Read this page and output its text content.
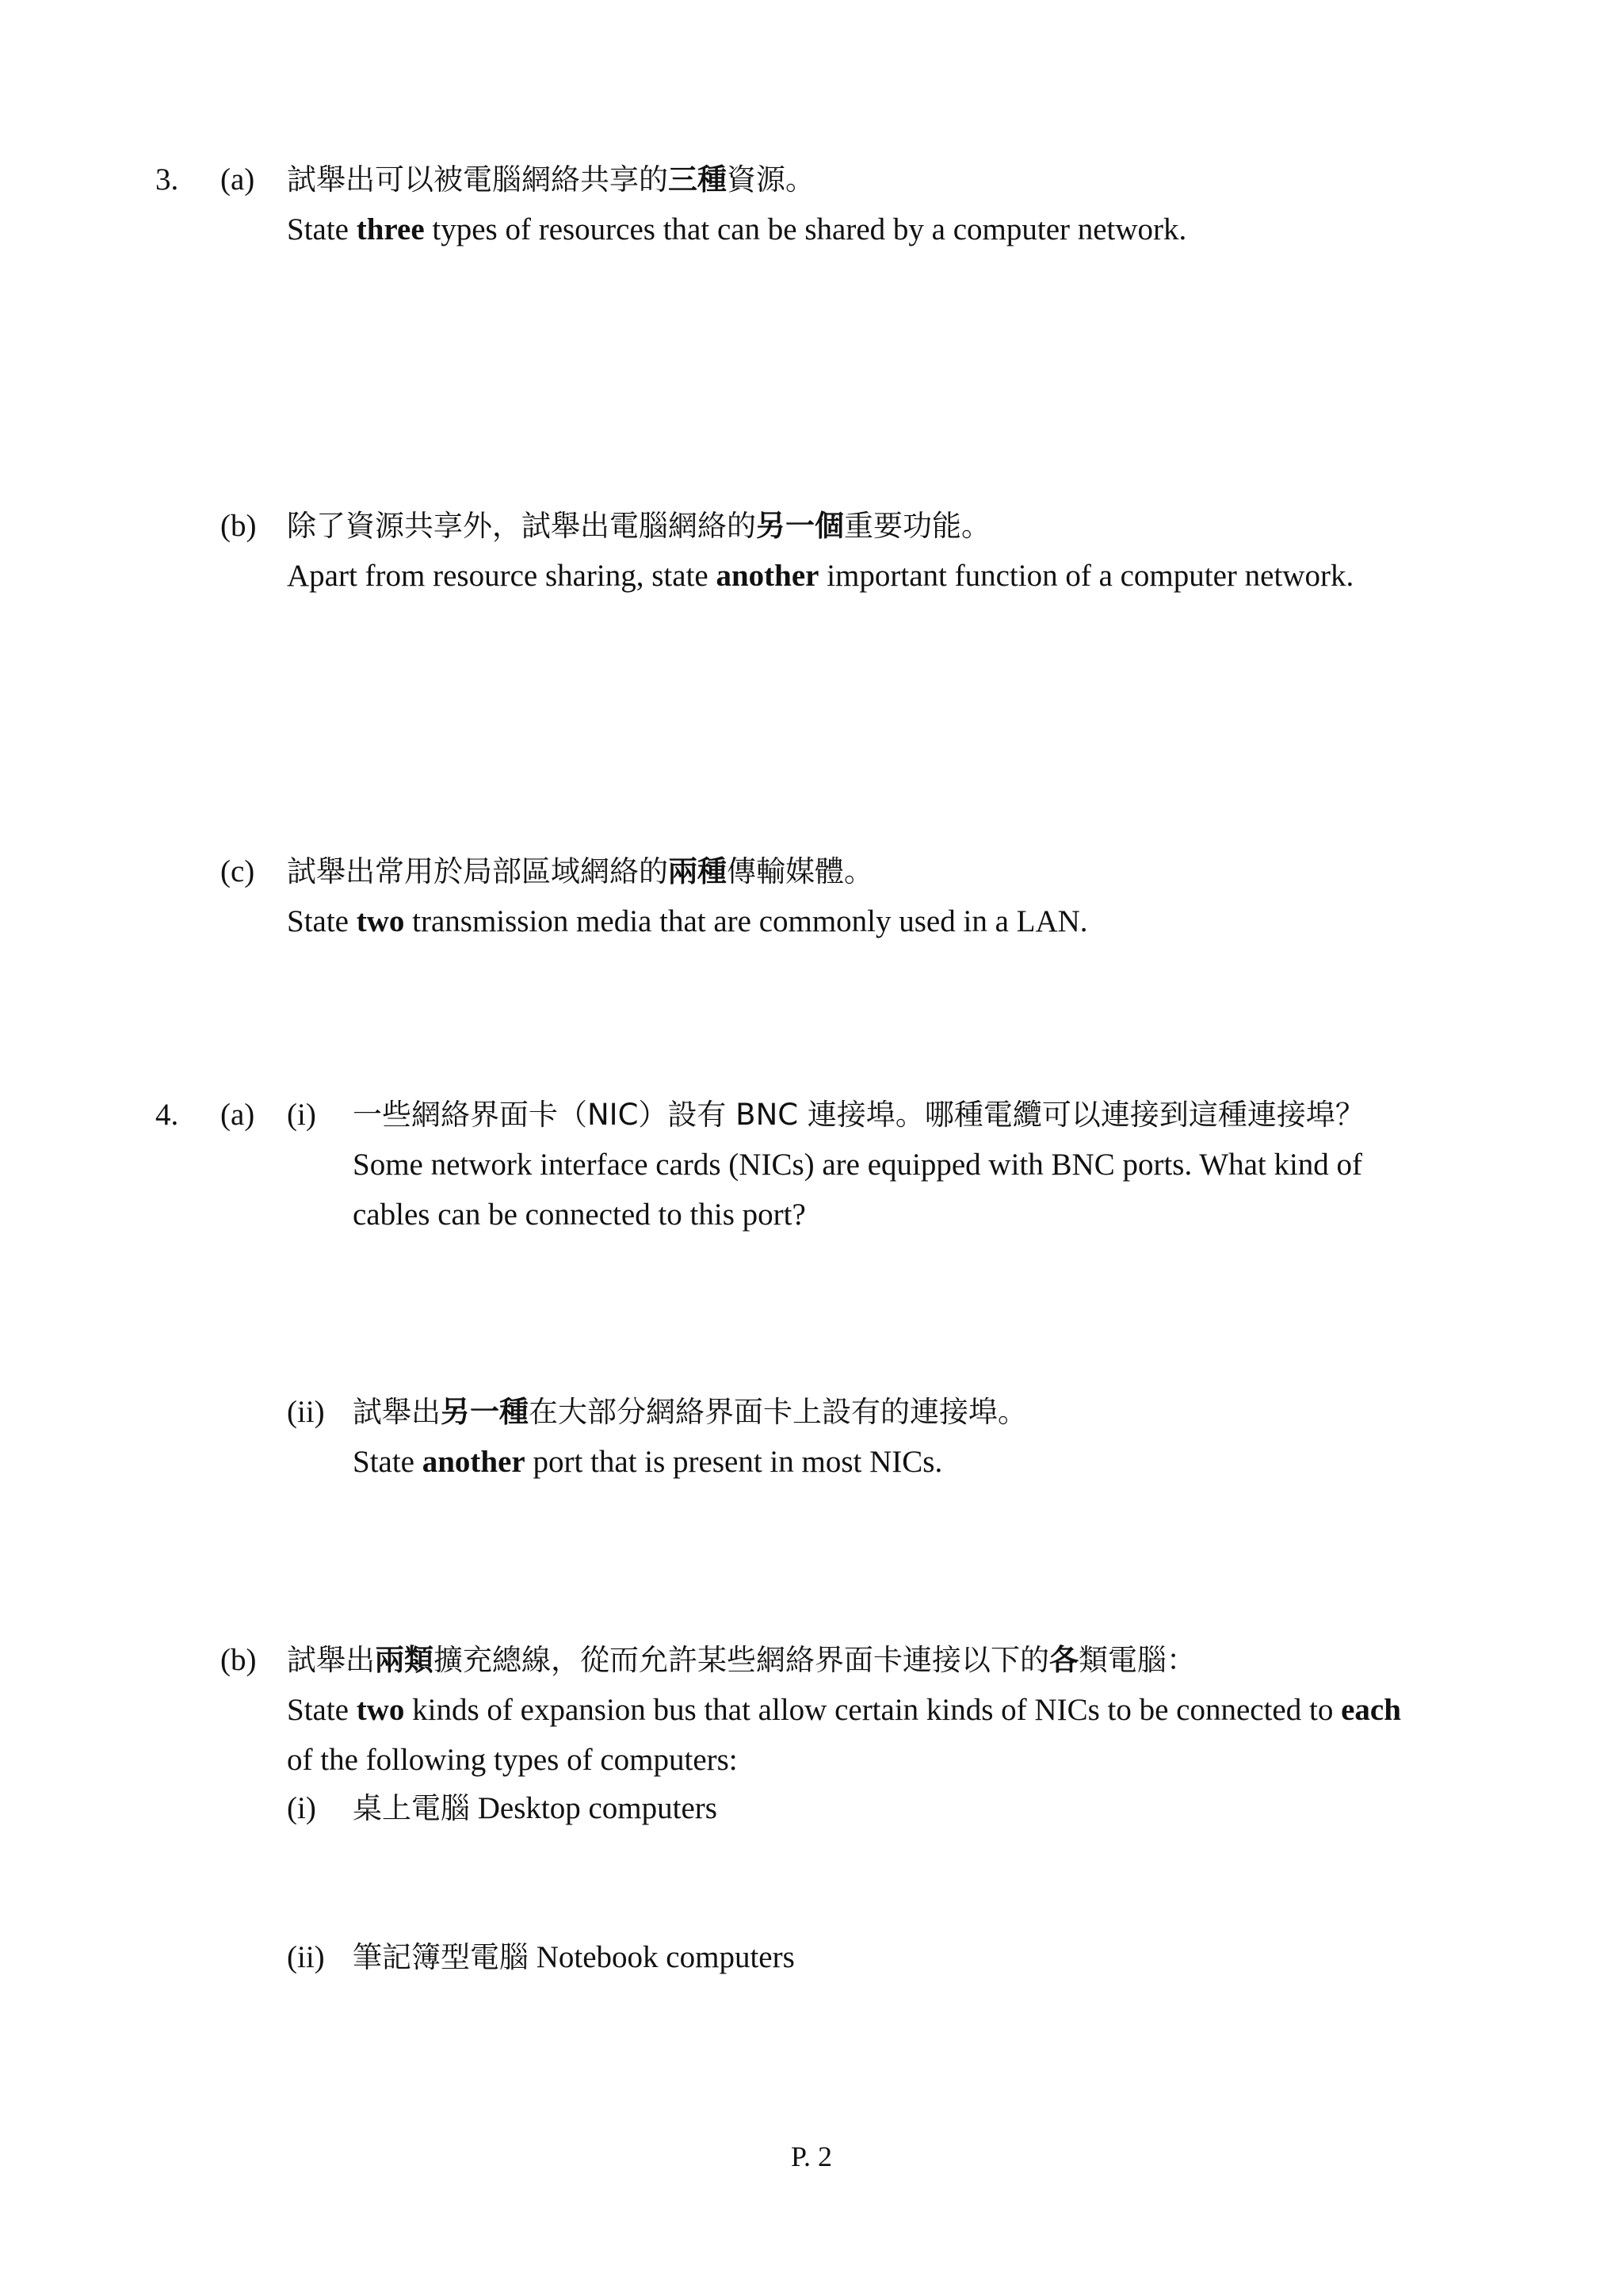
3. (a) 試舉出可以被電腦網絡共享的三種資源。

State three types of resources that can be shared by a computer network.

(b) 除了資源共享外，試舉出電腦網絡的另一個重要功能。

Apart from resource sharing, state another important function of a computer network.

(c) 試舉出常用於局部區域網絡的兩種傳輸媒體。

State two transmission media that are commonly used in a LAN.

4. (a) (i) 一些網絡界面卡（NIC）設有 BNC 連接埠。哪種電纜可以連接到這種連接埠？

Some network interface cards (NICs) are equipped with BNC ports. What kind of

cables can be connected to this port?

(ii) 試舉出另一種在大部分網絡界面卡上設有的連接埠。

State another port that is present in most NICs.

(b) 試舉出兩類擴充總線，從而允許某些網絡界面卡連接以下的各類電腦：

State two kinds of expansion bus that allow certain kinds of NICs to be connected to each

of the following types of computers:

(i) 桌上電腦 Desktop computers

(ii) 筆記簿型電腦 Notebook computers

P. 2
